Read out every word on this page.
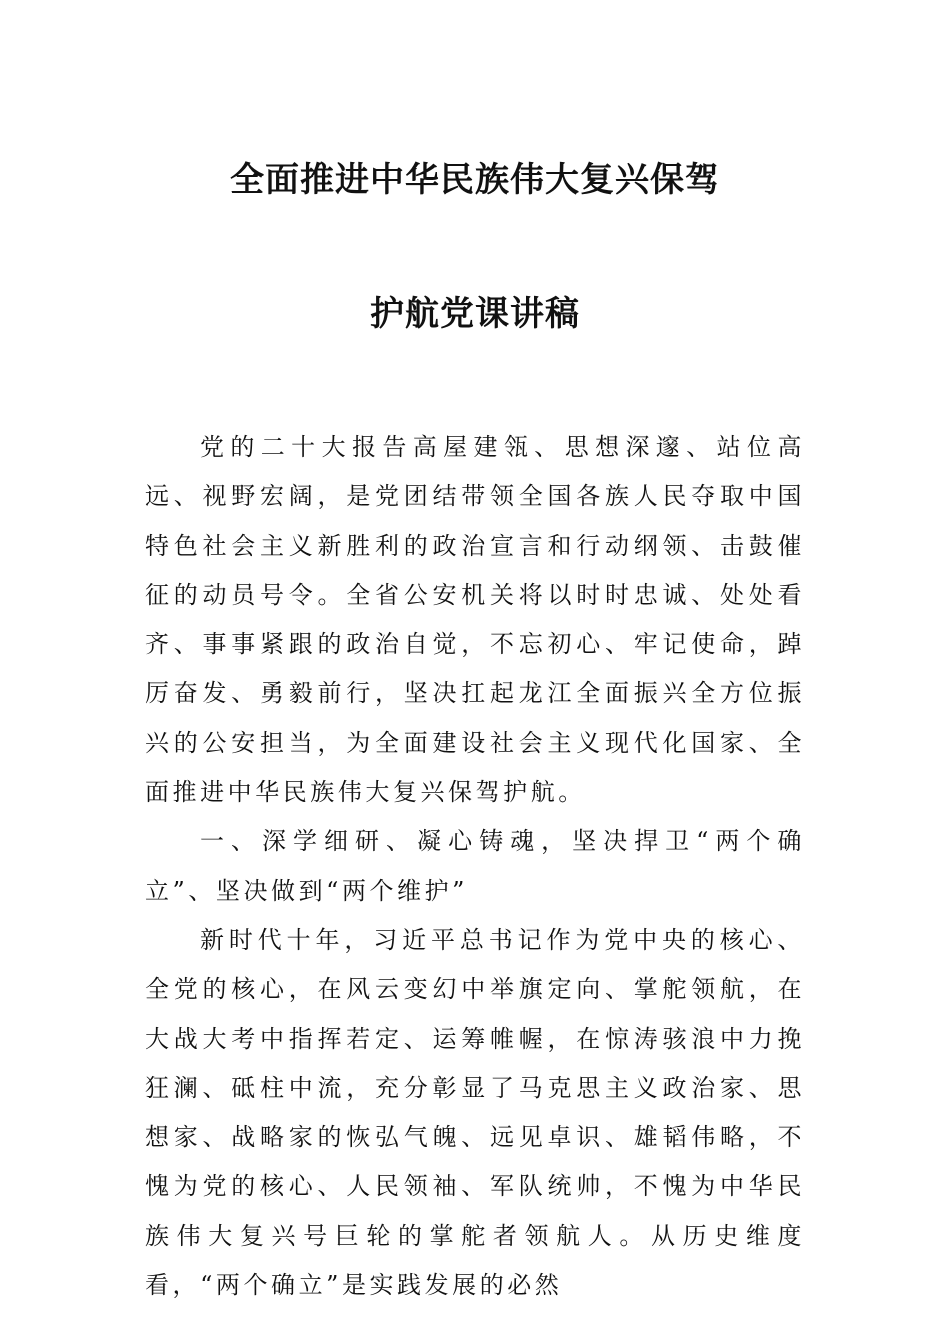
全面推进中华民族伟大复兴保驾
护航党课讲稿

党的二十大报告高屋建瓴、思想深邃、站位高远、视野宏阔，是党团结带领全国各族人民夺取中国特色社会主义新胜利的政治宣言和行动纲领、击鼓催征的动员号令。全省公安机关将以时时忠诚、处处看齐、事事紧跟的政治自觉，不忘初心、牢记使命，踔厉奋发、勇毅前行，坚决扛起龙江全面振兴全方位振兴的公安担当，为全面建设社会主义现代化国家、全面推进中华民族伟大复兴保驾护航。

一、深学细研、凝心铸魂，坚决捍卫“两个确立”、坚决做到“两个维护”

新时代十年，习近平总书记作为党中央的核心、全党的核心，在风云变幻中举旗定向、掌舵领航，在大战大考中指挥若定、运筹帷幄，在惊涛骇浪中力挽狂澜、砥柱中流，充分彰显了马克思主义政治家、思想家、战略家的恢弘气魄、远见卓识、雄韬伟略，不愧为党的核心、人民领袖、军队统帅，不愧为中华民族伟大复兴号巨轮的掌舵者领航人。从历史维度看，“两个确立”是实践发展的必然
